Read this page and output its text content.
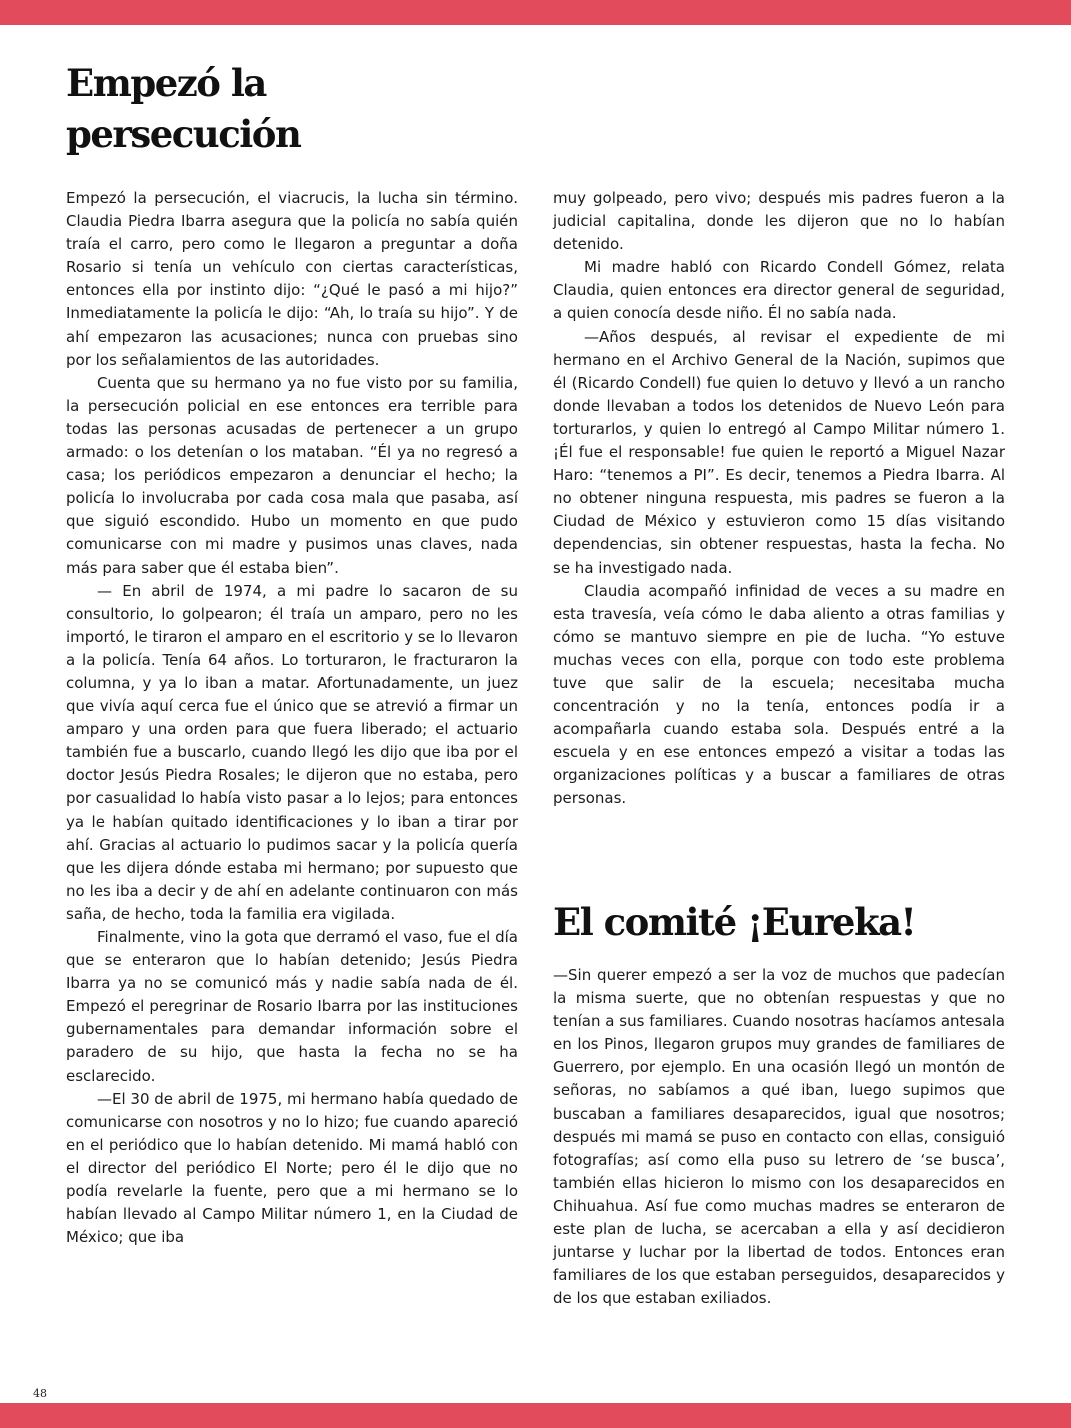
Empezó la
persecución

Empezó la persecución, el viacrucis, la lucha sin término. Claudia Piedra Ibarra asegura que la policía no sabía quién traía el carro, pero como le llegaron a preguntar a doña Rosario si tenía un vehículo con ciertas características, entonces ella por instinto dijo: “¿Qué le pasó a mi hijo?” Inmediatamente la policía le dijo: “Ah, lo traía su hijo”. Y de ahí empezaron las acusaciones; nunca con pruebas sino por los señalamientos de las autoridades.

Cuenta que su hermano ya no fue visto por su familia, la persecución policial en ese entonces era terrible para todas las personas acusadas de pertenecer a un grupo armado: o los detenían o los mataban. “Él ya no regresó a casa; los periódicos empezaron a denunciar el hecho; la policía lo involucraba por cada cosa mala que pasaba, así que siguió escondido. Hubo un momento en que pudo comunicarse con mi madre y pusimos unas claves, nada más para saber que él estaba bien”.

— En abril de 1974, a mi padre lo sacaron de su consultorio, lo golpearon; él traía un amparo, pero no les importó, le tiraron el amparo en el escritorio y se lo llevaron a la policía. Tenía 64 años. Lo torturaron, le fracturaron la columna, y ya lo iban a matar. Afortunadamente, un juez que vivía aquí cerca fue el único que se atrevió a firmar un amparo y una orden para que fuera liberado; el actuario también fue a buscarlo, cuando llegó les dijo que iba por el doctor Jesús Piedra Rosales; le dijeron que no estaba, pero por casualidad lo había visto pasar a lo lejos; para entonces ya le habían quitado identificaciones y lo iban a tirar por ahí. Gracias al actuario lo pudimos sacar y la policía quería que les dijera dónde estaba mi hermano; por supuesto que no les iba a decir y de ahí en adelante continuaron con más saña, de hecho, toda la familia era vigilada.

Finalmente, vino la gota que derramó el vaso, fue el día que se enteraron que lo habían detenido; Jesús Piedra Ibarra ya no se comunicó más y nadie sabía nada de él. Empezó el peregrinar de Rosario Ibarra por las instituciones gubernamentales para demandar información sobre el paradero de su hijo, que hasta la fecha no se ha esclarecido.

—El 30 de abril de 1975, mi hermano había quedado de comunicarse con nosotros y no lo hizo; fue cuando apareció en el periódico que lo habían detenido. Mi mamá habló con el director del periódico El Norte; pero él le dijo que no podía revelarle la fuente, pero que a mi hermano se lo habían llevado al Campo Militar número 1, en la Ciudad de México; que iba

muy golpeado, pero vivo; después mis padres fueron a la judicial capitalina, donde les dijeron que no lo habían detenido.

Mi madre habló con Ricardo Condell Gómez, relata Claudia, quien entonces era director general de seguridad, a quien conocía desde niño. Él no sabía nada.

—Años después, al revisar el expediente de mi hermano en el Archivo General de la Nación, supimos que él (Ricardo Condell) fue quien lo detuvo y llevó a un rancho donde llevaban a todos los detenidos de Nuevo León para torturarlos, y quien lo entregó al Campo Militar número 1. ¡Él fue el responsable! fue quien le reportó a Miguel Nazar Haro: “tenemos a PI”. Es decir, tenemos a Piedra Ibarra. Al no obtener ninguna respuesta, mis padres se fueron a la Ciudad de México y estuvieron como 15 días visitando dependencias, sin obtener respuestas, hasta la fecha. No se ha investigado nada.

Claudia acompañó infinidad de veces a su madre en esta travesía, veía cómo le daba aliento a otras familias y cómo se mantuvo siempre en pie de lucha. “Yo estuve muchas veces con ella, porque con todo este problema tuve que salir de la escuela; necesitaba mucha concentración y no la tenía, entonces podía ir a acompañarla cuando estaba sola. Después entré a la escuela y en ese entonces empezó a visitar a todas las organizaciones políticas y a buscar a familiares de otras personas.

El comité ¡Eureka!

—Sin querer empezó a ser la voz de muchos que padecían la misma suerte, que no obtenían respuestas y que no tenían a sus familiares. Cuando nosotras hacíamos antesala en los Pinos, llegaron grupos muy grandes de familiares de Guerrero, por ejemplo. En una ocasión llegó un montón de señoras, no sabíamos a qué iban, luego supimos que buscaban a familiares desaparecidos, igual que nosotros; después mi mamá se puso en contacto con ellas, consiguió fotografías; así como ella puso su letrero de ‘se busca’, también ellas hicieron lo mismo con los desaparecidos en Chihuahua. Así fue como muchas madres se enteraron de este plan de lucha, se acercaban a ella y así decidieron juntarse y luchar por la libertad de todos. Entonces eran familiares de los que estaban perseguidos, desaparecidos y de los que estaban exiliados.

48
